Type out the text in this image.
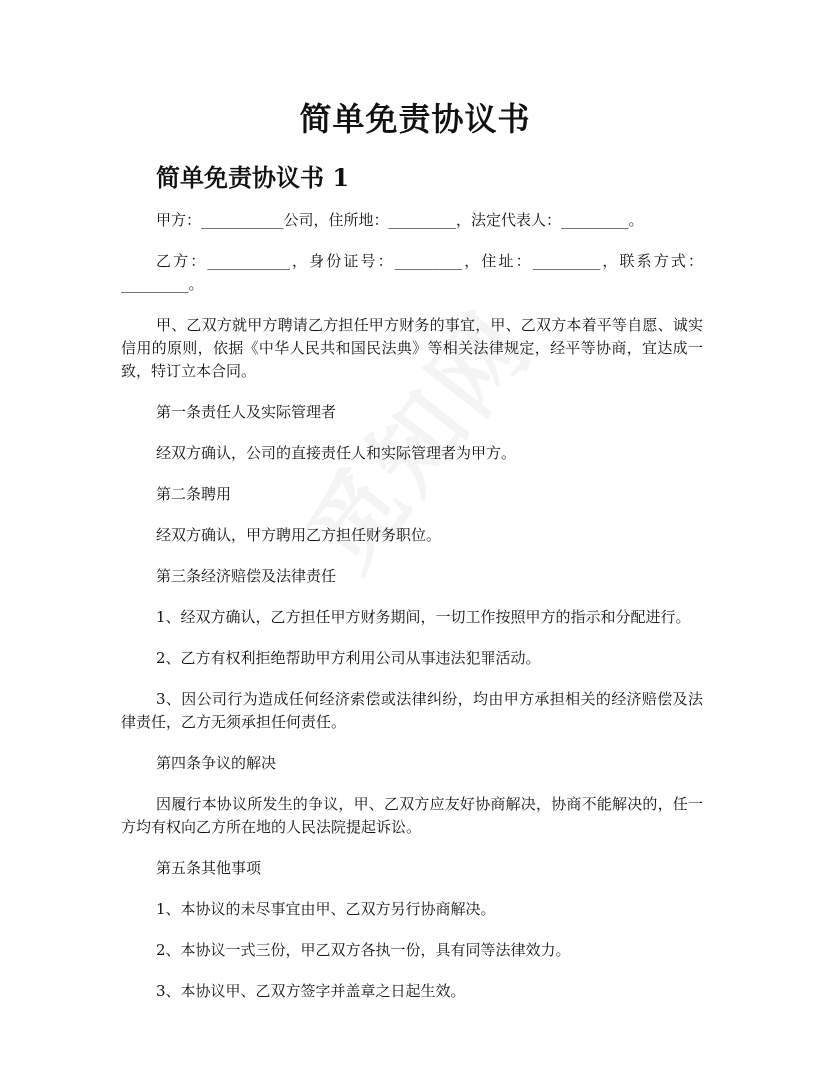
简单免责协议书
简单免责协议书 1

甲方：___________公司，住所地：_________，法定代表人：_________。

乙方：___________，身份证号：_________，住址：_________，联系方式：_________。

甲、乙双方就甲方聘请乙方担任甲方财务的事宜，甲、乙双方本着平等自愿、诚实信用的原则，依据《中华人民共和国民法典》等相关法律规定，经平等协商，宜达成一致，特订立本合同。

第一条责任人及实际管理者

经双方确认，公司的直接责任人和实际管理者为甲方。

第二条聘用

经双方确认，甲方聘用乙方担任财务职位。

第三条经济赔偿及法律责任

1、经双方确认，乙方担任甲方财务期间，一切工作按照甲方的指示和分配进行。

2、乙方有权利拒绝帮助甲方利用公司从事违法犯罪活动。

3、因公司行为造成任何经济索偿或法律纠纷，均由甲方承担相关的经济赔偿及法律责任，乙方无须承担任何责任。

第四条争议的解决

因履行本协议所发生的争议，甲、乙双方应友好协商解决，协商不能解决的，任一方均有权向乙方所在地的人民法院提起诉讼。

第五条其他事项

1、本协议的未尽事宜由甲、乙双方另行协商解决。

2、本协议一式三份，甲乙双方各执一份，具有同等法律效力。

3、本协议甲、乙双方签字并盖章之日起生效。
